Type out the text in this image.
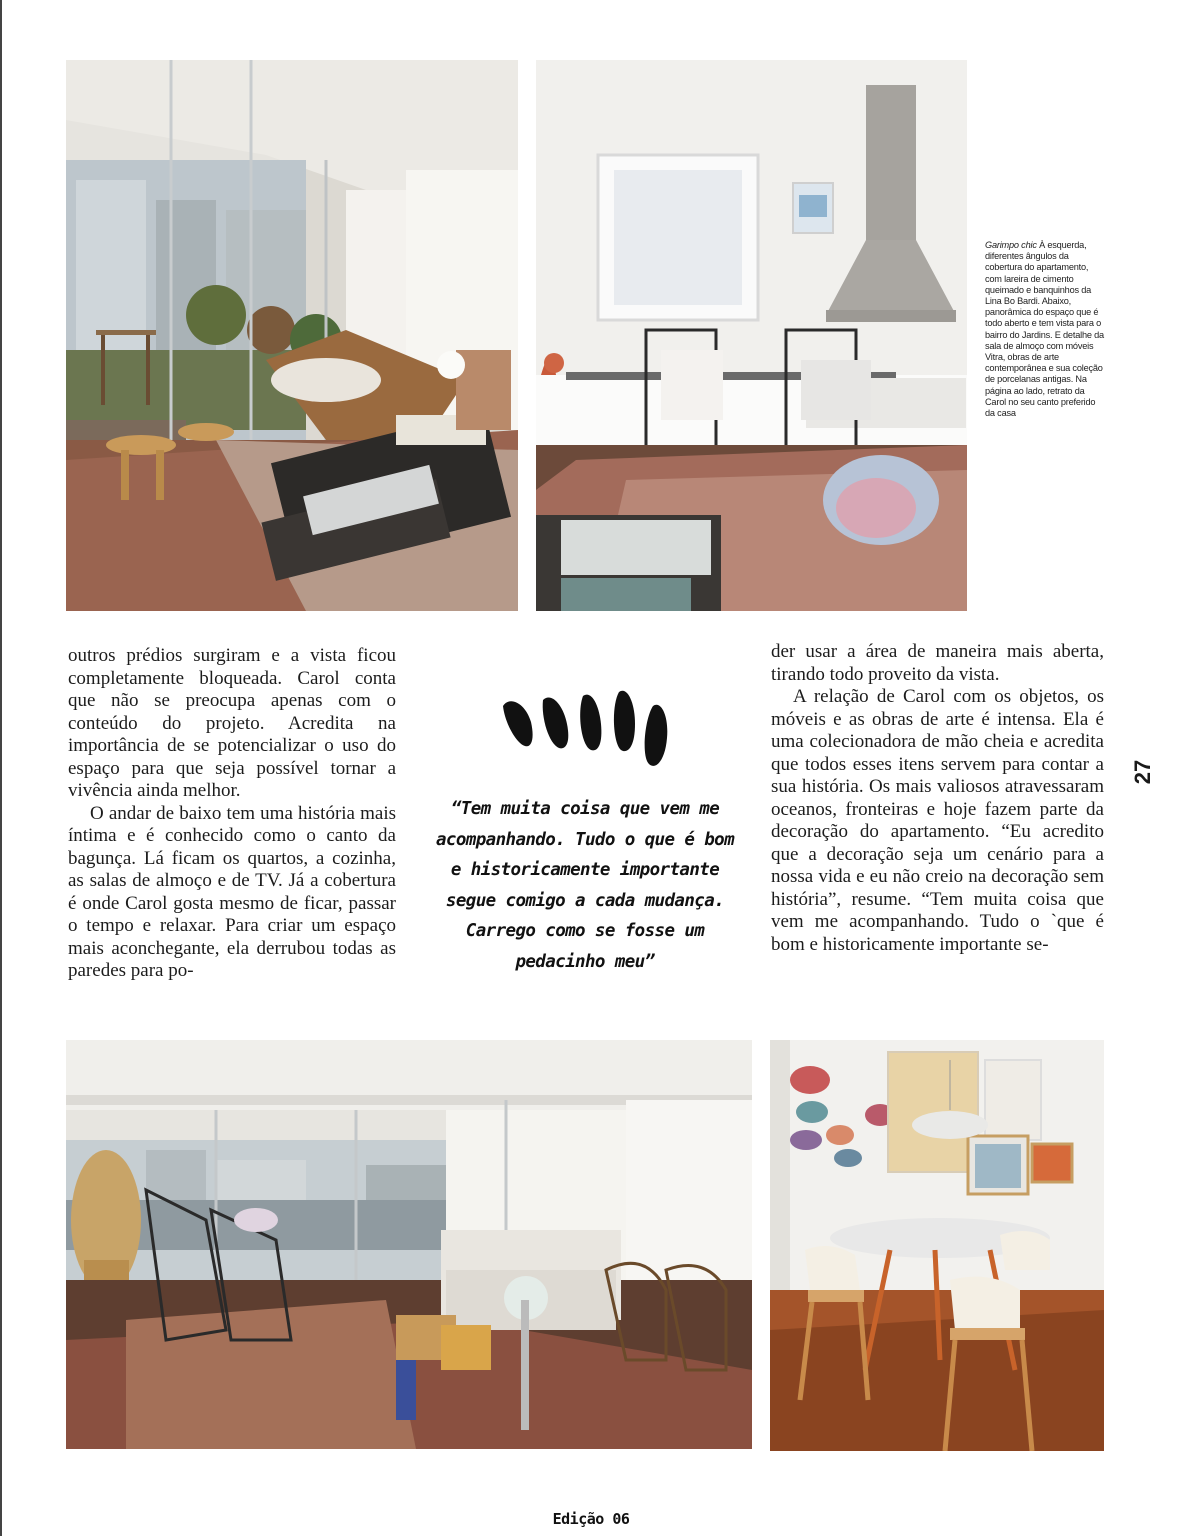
Garimpo chic À esquerda, diferentes ângulos da cobertura do apartamento, com lareira de cimento queimado e banquinhos da Lina Bo Bardi. Abaixo, panorâmica do espaço que é todo aberto e tem vista para o bairro do Jardins. E detalhe da sala de almoço com móveis Vitra, obras de arte contemporânea e sua coleção de porcelanas antigas. Na página ao lado, retrato da Carol no seu canto preferido da casa

outros prédios surgiram e a vista ficou completamente bloqueada. Carol conta que não se preocupa apenas com o conteúdo do projeto. Acredita na importância de se potencializar o uso do espaço para que seja possível tornar a vivência ainda melhor.

O andar de baixo tem uma história mais íntima e é conhecido como o canto da bagunça. Lá ficam os quartos, a cozinha, as salas de almoço e de TV. Já a cobertura é onde Carol gosta mesmo de ficar, passar o tempo e relaxar. Para criar um espaço mais aconchegante, ela derrubou todas as paredes para po-

“Tem muita coisa que vem me acompanhando. Tudo o que é bom e historicamente importante segue comigo a cada mudança. Carrego como se fosse um pedacinho meu”

der usar a área de maneira mais aberta, tirando todo proveito da vista.

A relação de Carol com os objetos, os móveis e as obras de arte é intensa. Ela é uma colecionadora de mão cheia e acredita que todos esses itens servem para contar a sua história. Os mais valiosos atravessaram oceanos, fronteiras e hoje fazem parte da decoração do apartamento. “Eu acredito que a decoração seja um cenário para a nossa vida e eu não creio na decoração sem história”, resume. “Tem muita coisa que vem me acompanhando. Tudo o `que é bom e historicamente importante se-

27
Edição 06
